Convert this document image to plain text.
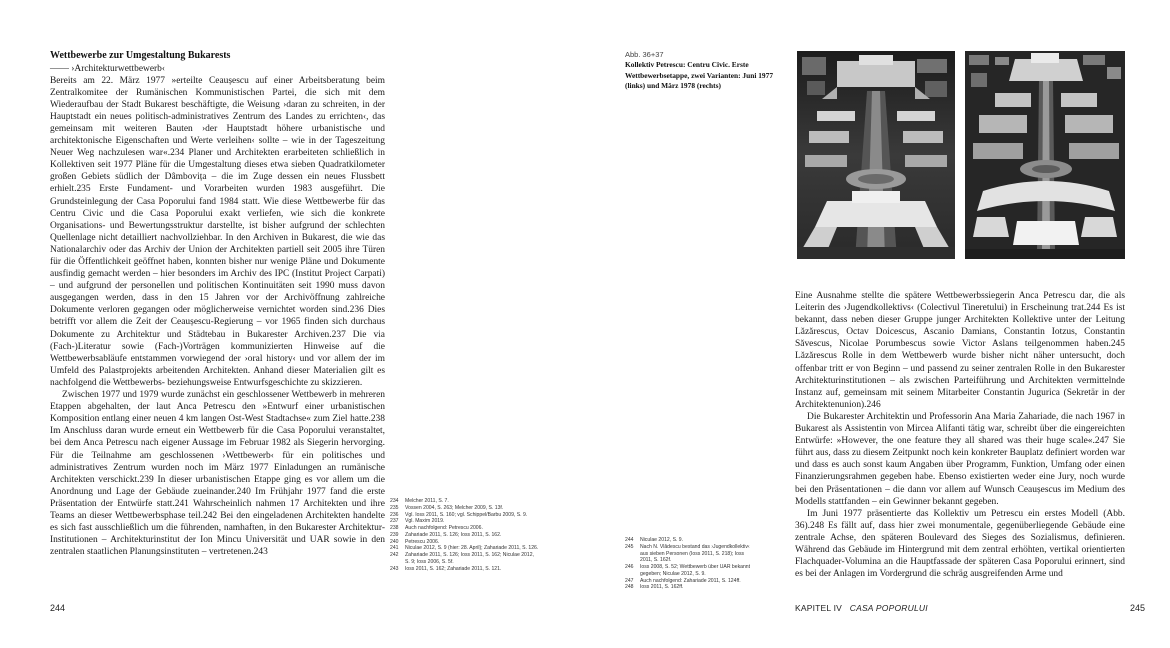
Wettbewerbe zur Umgestaltung Bukarests
—— ›Architekturwettbewerb‹

Bereits am 22. März 1977 »erteilte Ceaușescu auf einer Arbeitsberatung beim Zentralkomitee der Rumänischen Kommunistischen Partei, die sich mit dem Wiederaufbau der Stadt Bukarest beschäftigte, die Weisung ›daran zu schreiten, in der Hauptstadt ein neues politisch-administratives Zentrum des Landes zu errichten‹, das gemeinsam mit weiteren Bauten ›der Hauptstadt höhere urbanistische und architektonische Eigenschaften und Werte verleihen‹ sollte – wie in der Tageszeitung Neuer Weg nachzulesen war«.234 Planer und Architekten erarbeiteten schließlich in Kollektiven seit 1977 Pläne für die Umgestaltung dieses etwa sieben Quadratkilometer großen Gebiets südlich der Dâmbovița – die im Zuge dessen ein neues Flussbett erhielt.235 Erste Fundament- und Vorarbeiten wurden 1983 ausgeführt. Die Grundsteinlegung der Casa Poporului fand 1984 statt. Wie diese Wettbewerbe für das Centru Civic und die Casa Poporului exakt verliefen, wie sich die konkrete Organisations- und Bewertungsstruktur darstellte, ist bisher aufgrund der schlechten Quellenlage nicht detailliert nachvollziehbar. In den Archiven in Bukarest, die wie das Nationalarchiv oder das Archiv der Union der Architekten partiell seit 2005 ihre Türen für die Öffentlichkeit geöffnet haben, konnten bisher nur wenige Pläne und Dokumente ausfindig gemacht werden – hier besonders im Archiv des IPC (Institut Project Carpati) – und aufgrund der personellen und politischen Kontinuitäten seit 1990 muss davon ausgegangen werden, dass in den 15 Jahren vor der Archivöffnung zahlreiche Dokumente verloren gegangen oder möglicherweise vernichtet worden sind.236 Dies betrifft vor allem die Zeit der Ceaușescu-Regierung – vor 1965 finden sich durchaus Dokumente zu Architektur und Städtebau in Bukarester Archiven.237 Die via (Fach-)Literatur sowie (Fach-)Vorträgen kommunizierten Hinweise auf die Wettbewerbsabläufe entstammen vorwiegend der ›oral history‹ und vor allem der im Umfeld des Palastprojekts arbeitenden Architekten. Anhand dieser Materialien gilt es nachfolgend die Wettbewerbs- beziehungsweise Entwurfsgeschichte zu skizzieren.

Zwischen 1977 und 1979 wurde zunächst ein geschlossener Wettbewerb in mehreren Etappen abgehalten, der laut Anca Petrescu den »Entwurf einer urbanistischen Komposition entlang einer neuen 4 km langen Ost-West Stadtachse« zum Ziel hatte.238 Im Anschluss daran wurde erneut ein Wettbewerb für die Casa Poporului veranstaltet, bei dem Anca Petrescu nach eigener Aussage im Februar 1982 als Siegerin hervorging. Für die Teilnahme am geschlossenen ›Wettbewerb‹ für ein politisches und administratives Zentrum wurden noch im März 1977 Einladungen an rumänische Architekten verschickt.239 In dieser urbanistischen Etappe ging es vor allem um die Anordnung und Lage der Gebäude zueinander.240 Im Frühjahr 1977 fand die erste Präsentation der Entwürfe statt.241 Wahrscheinlich nahmen 17 Architekten und ihre Teams an dieser Wettbewerbsphase teil.242 Bei den eingeladenen Architekten handelte es sich fast ausschließlich um die führenden, namhaften, in den Bukarester Architektur-Institutionen – Architekturinstitut der Ion Mincu Universität und UAR sowie in den zentralen staatlichen Planungsinstituten – vertretenen.243

234	Melcher 2011, S. 7.
235	Vossen 2004, S. 263; Melcher 2009, S. 13f.
236	Vgl. Ioss 2011, S. 160; vgl. Schippel/Barbu 2009, S. 9.
237	Vgl. Maxim 2019.
238	Auch nachfolgend: Petrescu 2006.
239	Zahariade 2011, S. 126; Ioss 2011, S. 162.
240	Petrescu 2006.
241	Niculae 2012, S. 9 (hier: 28. April); Zahariade 2011, S. 126.
242	Zahariade 2011, S. 126; Ioss 2011, S. 162; Niculae 2012, S. 9; Ioss 2006, S. 5f.
243	Ioss 2011, S. 162; Zahariade 2011, S. 121.
244
Abb. 36+37
Kollektiv Petrescu: Centru Civic. Erste Wettbewerbsetappe, zwei Varianten: Juni 1977 (links) und März 1978 (rechts)

Eine Ausnahme stellte die spätere Wettbewerbssiegerin Anca Petrescu dar, die als Leiterin des ›Jugendkollektivs‹ (Colectivul Tineretului) in Erscheinung trat.244 Es ist bekannt, dass neben dieser Gruppe junger Architekten Kollektive unter der Leitung Lăzărescus, Octav Doicescus, Ascanio Damians, Constantin Iotzus, Constantin Săvescus, Nicolae Porumbescus sowie Victor Aslans teilgenommen haben.245 Lăzărescus Rolle in dem Wettbewerb wurde bisher nicht näher untersucht, doch offenbar tritt er von Beginn – und passend zu seiner zentralen Rolle in den Bukarester Architekturinstitutionen – als zwischen Parteiführung und Architekten vermittelnde Instanz auf, gemeinsam mit seinem Mitarbeiter Constantin Jugurica (Sekretär in der Architektenunion).246

Die Bukarester Architektin und Professorin Ana Maria Zahariade, die nach 1967 in Bukarest als Assistentin von Mircea Alifanti tätig war, schreibt über die eingereichten Entwürfe: »However, the one feature they all shared was their huge scale«.247 Sie führt aus, dass zu diesem Zeitpunkt noch kein konkreter Bauplatz definiert worden war und dass es auch sonst kaum Angaben über Programm, Funktion, Umfang oder einen Finanzierungsrahmen gegeben habe. Ebenso existierten weder eine Jury, noch wurde bei den Präsentationen – die dann vor allem auf Wunsch Ceaușescus im Medium des Modells stattfanden – ein Gewinner bekannt gegeben.

Im Juni 1977 präsentierte das Kollektiv um Petrescu ein erstes Modell (Abb. 36).248 Es fällt auf, dass hier zwei monumentale, gegenüberliegende Gebäude eine zentrale Achse, den späteren Boulevard des Sieges des Sozialismus, definieren. Während das Gebäude im Hintergrund mit dem zentral erhöhten, vertikal orientierten Flachquader-Volumina an die Hauptfassade der späteren Casa Poporului erinnert, sind es bei der Anlagen im Vordergrund die schräg ausgreifenden Arme und

244	Niculae 2012, S. 9.
245	Nach N. Vlădescu bestand das ›Jugendkollektiv‹ aus sieben Personen (Ioss 2011, S. 218); Ioss 2011, S. 162f.
246	Ioss 2008, S. 52; Wettbewerb über UAR bekannt gegeben; Niculae 2012, S. 9.
247	Auch nachfolgend: Zahariade 2011, S. 124ff.
248	Ioss 2011, S. 162ff.
KAPITEL IV CASA POPORULUI	245
